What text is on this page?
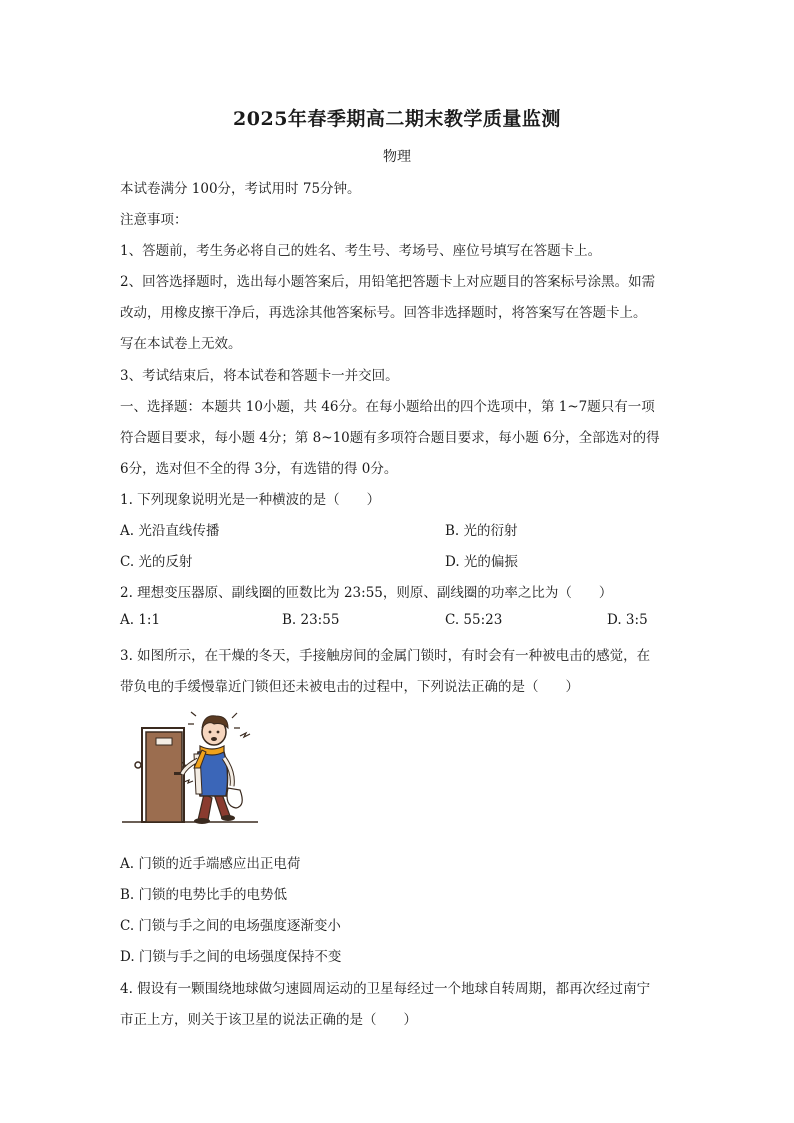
2025年春季期高二期末教学质量监测
物理
本试卷满分 100分，考试用时 75分钟。
注意事项：
1、答题前，考生务必将自己的姓名、考生号、考场号、座位号填写在答题卡上。
2、回答选择题时，选出每小题答案后，用铅笔把答题卡上对应题目的答案标号涂黑。如需
改动，用橡皮擦干净后，再选涂其他答案标号。回答非选择题时，将答案写在答题卡上。
写在本试卷上无效。
3、考试结束后，将本试卷和答题卡一并交回。
一、选择题：本题共 10小题，共 46分。在每小题给出的四个选项中，第 1~7题只有一项
符合题目要求，每小题 4分；第 8~10题有多项符合题目要求，每小题 6分，全部选对的得
6分，选对但不全的得 3分，有选错的得 0分。
1. 下列现象说明光是一种横波的是（　　）
A. 光沿直线传播	B. 光的衍射
C. 光的反射	D. 光的偏振
2. 理想变压器原、副线圈的匝数比为 23:55，则原、副线圈的功率之比为（　　）
A. 1:1	B. 23:55	C. 55:23	D. 3:5
3. 如图所示，在干燥的冬天，手接触房间的金属门锁时，有时会有一种被电击的感觉，在
带负电的手缓慢靠近门锁但还未被电击的过程中，下列说法正确的是（　　）
A. 门锁的近手端感应出正电荷
B. 门锁的电势比手的电势低
C. 门锁与手之间的电场强度逐渐变小
D. 门锁与手之间的电场强度保持不变
4. 假设有一颗围绕地球做匀速圆周运动的卫星每经过一个地球自转周期，都再次经过南宁
市正上方，则关于该卫星的说法正确的是（　　）
